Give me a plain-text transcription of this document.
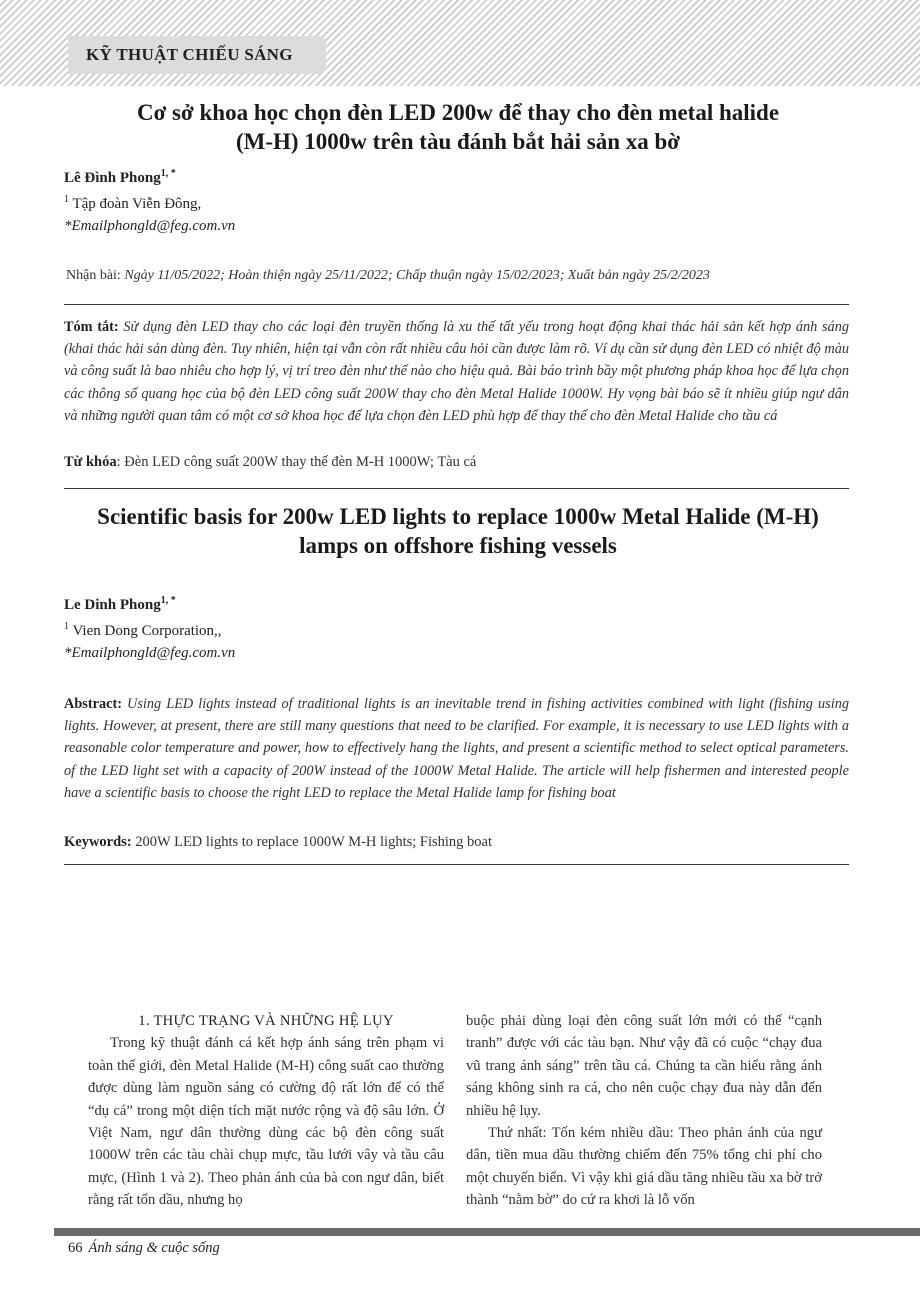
KỸ THUẬT CHIẾU SÁNG
Cơ sở khoa học chọn đèn LED 200w để thay cho đèn metal halide
(M-H) 1000w trên tàu đánh bắt hải sản xa bờ
Lê Đình Phong$^{1, *}$
$^1$ Tập đoàn Viễn Đông,
*Emailphongld@feg.com.vn
Nhận bài: Ngày 11/05/2022; Hoàn thiện ngày 25/11/2022; Chấp thuận ngày 15/02/2023; Xuất bản ngày 25/2/2023

Tóm tắt: Sử dụng đèn LED thay cho các loại đèn truyền thống là xu thế tất yếu trong hoạt động khai thác hải sản kết hợp ánh sáng (khai thác hải sản dùng đèn. Tuy nhiên, hiện tại vẫn còn rất nhiều câu hỏi cần được làm rõ. Ví dụ cần sử dụng đèn LED có nhiệt độ màu và công suất là bao nhiêu cho hợp lý, vị trí treo đèn như thế nào cho hiệu quả. Bài báo trình bầy một phương pháp khoa học để lựa chọn các thông số quang học của bộ đèn LED công suất 200W thay cho đèn Metal Halide 1000W. Hy vọng bài báo sẽ ít nhiều giúp ngư dân và những người quan tâm có một cơ sở khoa học để lựa chọn đèn LED phù hợp để thay thế cho đèn Metal Halide cho tầu cá

Từ khóa: Đèn LED công suất 200W thay thế đèn M-H 1000W; Tàu cá
Scientific basis for 200w LED lights to replace 1000w Metal Halide (M-H)
lamps on offshore fishing vessels
Le Dinh Phong$^{1, *}$
$^1$ Vien Dong Corporation,,
*Emailphongld@feg.com.vn

Abstract: Using LED lights instead of traditional lights is an inevitable trend in fishing activities combined with light (fishing using lights. However, at present, there are still many questions that need to be clarified. For example, it is necessary to use LED lights with a reasonable color temperature and power, how to effectively hang the lights, and present a scientific method to select optical parameters. of the LED light set with a capacity of 200W instead of the 1000W Metal Halide. The article will help fishermen and interested people have a scientific basis to choose the right LED to replace the Metal Halide lamp for fishing boat

Keywords: 200W LED lights to replace 1000W M-H lights; Fishing boat
1. THỰC TRẠNG VÀ NHỮNG HỆ LỤY

Trong kỹ thuật đánh cá kết hợp ánh sáng trên phạm vi toàn thế giới, đèn Metal Halide (M-H) công suất cao thường được dùng làm nguồn sáng có cường độ rất lớn để có thể “dụ cá” trong một diện tích mặt nước rộng và độ sâu lớn. Ở Việt Nam, ngư dân thường dùng các bộ đèn công suất 1000W trên các tàu chài chụp mực, tầu lưới vây và tầu câu mực, (Hình 1 và 2). Theo phản ánh của bà con ngư dân, biết rằng rất tốn dầu, nhưng họ

buộc phải dùng loại đèn công suất lớn mới có thể “cạnh tranh” được với các tàu bạn. Như vậy đã có cuộc “chạy đua vũ trang ánh sáng” trên tầu cá. Chúng ta cần hiểu rằng ánh sáng không sinh ra cá, cho nên cuộc chạy đua này dẫn đến nhiều hệ lụy.

Thứ nhất: Tốn kém nhiều dầu: Theo phản ánh của ngư dân, tiền mua dầu thường chiếm đến 75% tổng chi phí cho một chuyến biển. Vì vậy khi giá dầu tăng nhiều tầu xa bờ trở thành “nằm bờ” do cứ ra khơi là lỗ vốn

66 Ánh sáng & cuộc sống
